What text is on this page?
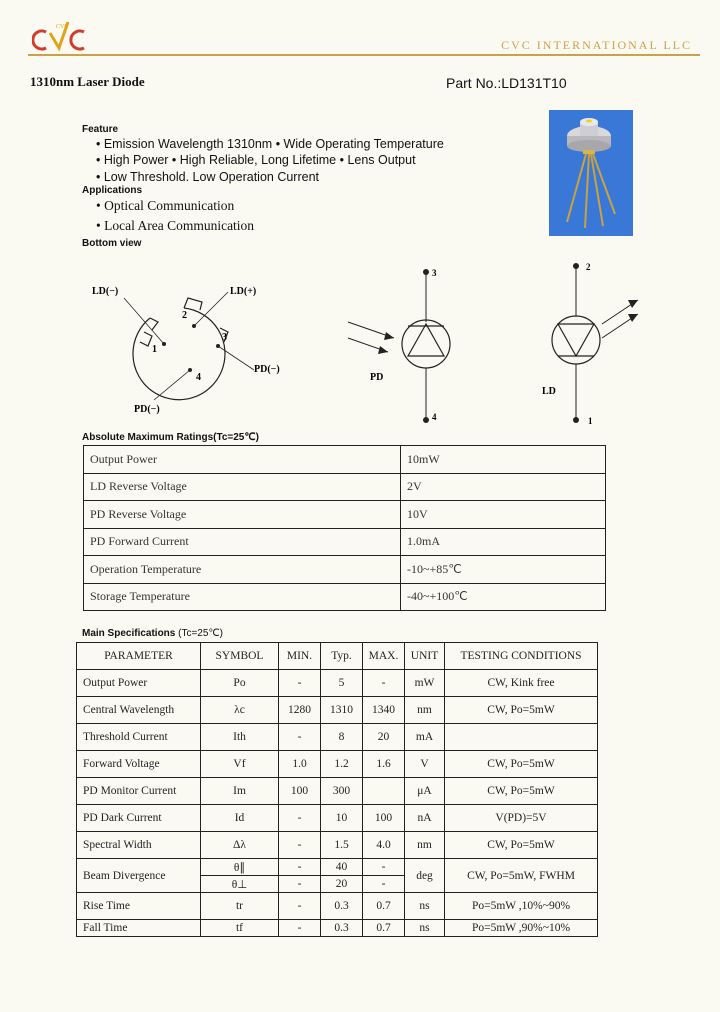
CVC
CVC INTERNATIONAL LLC
1310nm Laser Diode	Part No.:LD131T10
Feature
• Emission Wavelength 1310nm • Wide Operating Temperature
• High Power • High Reliable, Long Lifetime • Lens Output
• Low Threshold. Low Operation Current
Applications
• Optical Communication
• Local Area Communication
Bottom view
LD(−)	LD(+)
PD(−)
PD(−)
1
2
3
4
3
4
PD
2
1
LD
Absolute Maximum Ratings(Tc=25℃)
Output Power	10mW
LD Reverse Voltage	2V
PD Reverse Voltage	10V
PD Forward Current	1.0mA
Operation Temperature	-10~+85℃
Storage Temperature	-40~+100℃
Main Specifications (Tc=25℃)
PARAMETER	SYMBOL	MIN.	Typ.	MAX.	UNIT	TESTING CONDITIONS
Output Power	Po	-	5	-	mW	CW, Kink free
Central Wavelength	λc	1280	1310	1340	nm	CW, Po=5mW
Threshold Current	Ith	-	8	20	mA	
Forward Voltage	Vf	1.0	1.2	1.6	V	CW, Po=5mW
PD Monitor Current	Im	100	300		μA	CW, Po=5mW
PD Dark Current	Id	-	10	100	nA	V(PD)=5V
Spectral Width	Δλ	-	1.5	4.0	nm	CW, Po=5mW
Beam Divergence	θ∥	-	40	-	deg	CW, Po=5mW, FWHM
	θ⊥	-	20	-		
Rise Time	tr	-	0.3	0.7	ns	Po=5mW ,10%~90%
Fall Time	tf	-	0.3	0.7	ns	Po=5mW ,90%~10%
